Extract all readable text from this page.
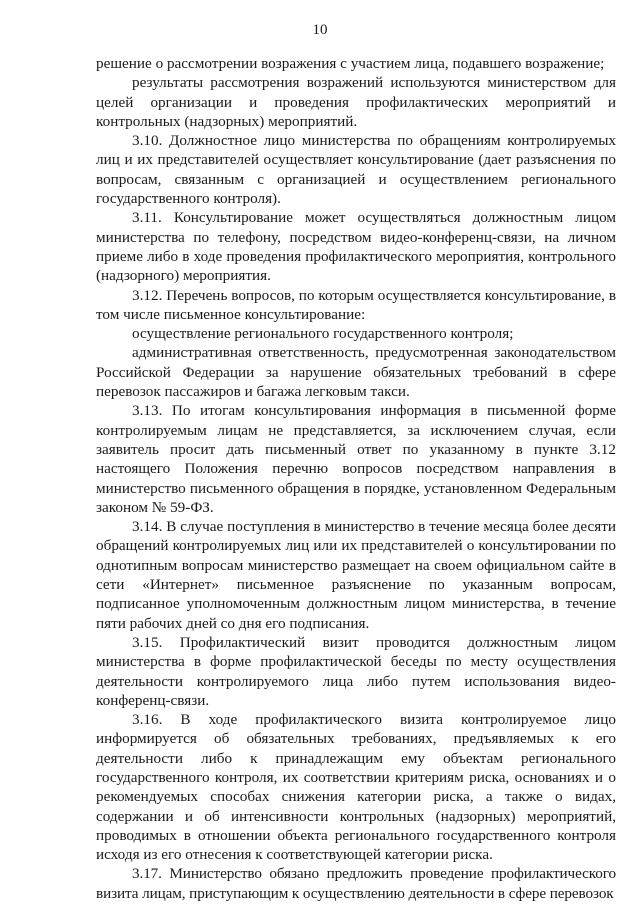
10

решение о рассмотрении возражения с участием лица, подавшего возражение;

результаты рассмотрения возражений используются министерством для целей организации и проведения профилактических мероприятий и контрольных (надзорных) мероприятий.

3.10. Должностное лицо министерства по обращениям контролируемых лиц и их представителей осуществляет консультирование (дает разъяснения по вопросам, связанным с организацией и осуществлением регионального государственного контроля).

3.11. Консультирование может осуществляться должностным лицом министерства по телефону, посредством видео-конференц-связи, на личном приеме либо в ходе проведения профилактического мероприятия, контрольного (надзорного) мероприятия.

3.12. Перечень вопросов, по которым осуществляется консультирование, в том числе письменное консультирование:

осуществление регионального государственного контроля;

административная ответственность, предусмотренная законодательством Российской Федерации за нарушение обязательных требований в сфере перевозок пассажиров и багажа легковым такси.

3.13. По итогам консультирования информация в письменной форме контролируемым лицам не представляется, за исключением случая, если заявитель просит дать письменный ответ по указанному в пункте 3.12 настоящего Положения перечню вопросов посредством направления в министерство письменного обращения в порядке, установленном Федеральным законом № 59-ФЗ.

3.14. В случае поступления в министерство в течение месяца более десяти обращений контролируемых лиц или их представителей о консультировании по однотипным вопросам министерство размещает на своем официальном сайте в сети «Интернет» письменное разъяснение по указанным вопросам, подписанное уполномоченным должностным лицом министерства, в течение пяти рабочих дней со дня его подписания.

3.15. Профилактический визит проводится должностным лицом министерства в форме профилактической беседы по месту осуществления деятельности контролируемого лица либо путем использования видео-конференц-связи.

3.16. В ходе профилактического визита контролируемое лицо информируется об обязательных требованиях, предъявляемых к его деятельности либо к принадлежащим ему объектам регионального государственного контроля, их соответствии критериям риска, основаниях и о рекомендуемых способах снижения категории риска, а также о видах, содержании и об интенсивности контрольных (надзорных) мероприятий, проводимых в отношении объекта регионального государственного контроля исходя из его отнесения к соответствующей категории риска.

3.17. Министерство обязано предложить проведение профилактического визита лицам, приступающим к осуществлению деятельности в сфере перевозок
